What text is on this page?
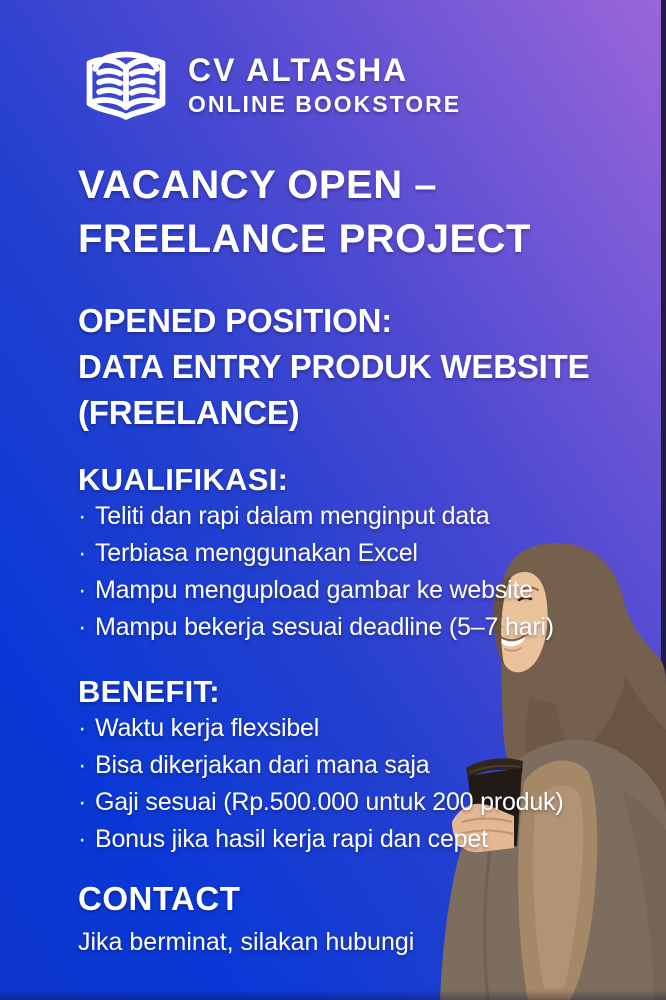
CV ALTASHA
ONLINE BOOKSTORE
VACANCY OPEN –
FREELANCE PROJECT
OPENED POSITION:
DATA ENTRY PRODUK WEBSITE
(FREELANCE)
KUALIFIKASI:
· Teliti dan rapi dalam menginput data
· Terbiasa menggunakan Excel
· Mampu mengupload gambar ke website
· Mampu bekerja sesuai deadline (5–7 hari)
BENEFIT:
· Waktu kerja flexsibel
· Bisa dikerjakan dari mana saja
· Gaji sesuai (Rp.500.000 untuk 200 produk)
· Bonus jika hasil kerja rapi dan cepet
CONTACT

Jika berminat, silakan hubungi
